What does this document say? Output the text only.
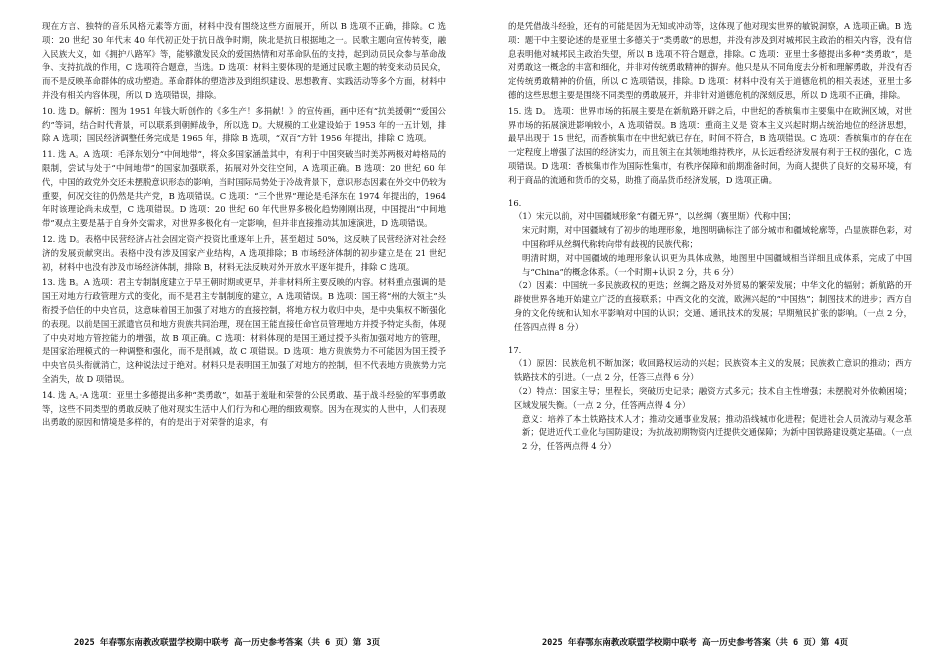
现在方言、独特的音乐风格元素等方面，材料中没有围绕这些方面展开，所以 B 选项不正确，排除。C 选项：20 世纪 30 年代末 40 年代初正处于抗日战争时期，陕北是抗日根据地之一。民歌主题向宣传转变，融入民族大义，如《拥护八路军》等，能够激发民众的爱国热情和对革命队伍的支持，起到动员民众参与革命战争、支持抗战的作用，C 选项符合题意，当选。D 选项：材料主要体现的是通过民歌主题的转变来动员民众，而不是反映革命群体的成功塑造。革命群体的塑造涉及到组织建设、思想教育、实践活动等多个方面，材料中并没有相关内容体现，所以 D 选项错误，排除。

10. 选 D。解析：图为 1951 年钱大昕创作的《多生产！多捐献！》的宣传画，画中还有“抗美援朝”“爱国公约”等词，结合时代背景，可以联系到朝鲜战争，所以选 D。大规模的工业建设始于 1953 年的一五计划，排除 A 选项；国民经济调整任务完成是 1965 年，排除 B 选项，“双百”方针 1956 年提出，排除 C 选项。

11. 选 A。A 选项：毛泽东划分“中间地带”，将众多国家涵盖其中，有利于中国突破当时美苏两极对峙格局的限制，尝试与处于“中间地带”的国家加强联系，拓展对外交往空间，A 选项正确。B 选项：20 世纪 60 年代，中国的政党外交还未摆脱意识形态的影响，当时国际局势处于冷战背景下，意识形态因素在外交中仍较为重要，何况交往的仍然是共产党，B 选项错误。C 选项：“三个世界”理论是毛泽东在 1974 年提出的，1964 年时该理论尚未成型，C 选项错误。D 选项：20 世纪 60 年代世界多极化趋势刚刚出现，中国提出“中间地带”观点主要是基于自身外交需求，对世界多极化有一定影响，但并非直接推动其加速演进，D 选项错误。

12. 选 D。表格中民营经济占社会固定资产投资比重逐年上升，甚至超过 50%，这反映了民营经济对社会经济的发展贡献突出。表格中没有涉及国家产业结构，A 选项排除；B 市场经济体制的初步建立是在 21 世纪初，材料中也没有涉及市场经济体制，排除 B，材料无法反映对外开放水平逐年提升，排除 C 选项。

13. 选 B。A 选项：君主专制制度建立于早王朝时期或更早，并非材料所主要反映的内容。材料重点强调的是国王对地方行政管理方式的变化，而不是君主专制制度的建立，A 选项错误。B 选项：国王将“州的大领主”头衔授予信任的中央官员，这意味着国王加强了对地方的直接控制，将地方权力收归中央，是中央集权不断强化的表现。以前是国王派遣官员和地方贵族共同治理，现在国王能直接任命官员管理地方并授予特定头衔，体现了中央对地方管控能力的增强，故 B 项正确。C 选项：材料体现的是国王通过授予头衔加强对地方的管理，是国家治理模式的一种调整和强化，而不是削减，故 C 项错误。D 选项：地方贵族势力不可能因为国王授予中央官员头衔就消亡，这种说法过于绝对。材料只是表明国王加强了对地方的控制，但不代表地方贵族势力完全消失，故 D 项错误。

14. 选 A。·A 选项：亚里士多德提出多种“类勇敢”，如基于羞耻和荣誉的公民勇敢、基于战斗经验的军事勇敢等，这些不同类型的勇敢反映了他对现实生活中人们行为和心理的细致观察。因为在现实的人世中，人们表现出勇敢的原因和情境是多样的，有的是出于对荣誉的追求，有

的是凭借战斗经验，还有的可能是因为无知或冲动等，这体现了他对现实世界的敏锐洞察，A 选项正确。B 选项：题干中主要论述的是亚里士多德关于“类勇敢”的思想，并没有涉及到对城邦民主政治的相关内容，没有信息表明他对城邦民主政治失望，所以 B 选项不符合题意，排除。C 选项：亚里士多德提出多种“类勇敢”，是对勇敢这一概念的丰富和细化，并非对传统勇敢精神的摒弃。他只是从不同角度去分析和理解勇敢，并没有否定传统勇敢精神的价值，所以 C 选项错误，排除。D 选项：材料中没有关于道德危机的相关表述，亚里士多德的这些思想主要是围绕不同类型的勇敢展开，并非针对道德危机的深刻反思，所以 D 选项不正确，排除。

15. 选 D。 选项：世界市场的拓展主要是在新航路开辟之后，中世纪的香槟集市主要集中在欧洲区域，对世界市场的拓展演进影响较小，A 选项错误。B 选项：重商主义是 资本主义兴起时期占统治地位的经济思想，最早出现于 15 世纪，而香槟集市在中世纪就已存在，时间不符合，B 选项错误。C 选项：香槟集市的存在在一定程度上增强了法国的经济实力，而且领主在其领地维持秩序，从长远看经济发展有利于王权的强化，C 选项错误。D 选项：香槟集市作为国际性集市，有秩序保障和前期准备时间，为商人提供了良好的交易环境，有利于商品的流通和货币的交易，助推了商品货币经济发展，D 选项正确。

16.

（1）宋元以前，对中国疆域形象“有疆无界”，以丝绸（赛里斯）代称中国；

宋元时期，对中国疆域有了初步的地理形象，地图明确标注了部分城市和疆域轮廓等，凸显族群色彩，对中国称呼从丝绸代称转向带有歧视的民族代称；

明清时期，对中国疆域的地理形象认识更为具体成熟，地图里中国疆域相当详细且成体系，完成了中国与“China”的概念体系。（一个时期+认识 2 分，共 6 分）

（2）因素：中国统一多民族政权的更迭；丝绸之路及对外贸易的繁荣发展；中华文化的辐射；新航路的开辟使世界各地开始建立广泛的直接联系；中西文化的交流，欧洲兴起的“中国热”；制图技术的进步；西方自身的文化传统和认知水平影响对中国的认识；交通、通讯技术的发展；早期殖民扩张的影响。（一点 2 分，任答四点得 8 分）

17.

（1）原因：民族危机不断加深；收回路权运动的兴起；民族资本主义的发展；民族救亡意识的推动；西方铁路技术的引进。（一点 2 分，任答三点得 6 分）

（2）特点：国家主导；里程长，突破历史记录；融资方式多元；技术自主性增强；未摆脱对外依赖困境；区域发展失衡。（一点 2 分，任答两点得 4 分）

意义：培养了本土铁路技术人才；推动交通事业发展；推动沿线城市化进程；促进社会人员流动与观念革新；促进近代工业化与国防建设；为抗战初期物资内迁提供交通保障；为新中国铁路建设奠定基础。（一点 2 分，任答两点得 4 分）

2025 年春鄂东南教改联盟学校期中联考 高一历史参考答案（共 6 页）第 3页	2025 年春鄂东南教改联盟学校期中联考 高一历史参考答案（共 6 页）第 4页
